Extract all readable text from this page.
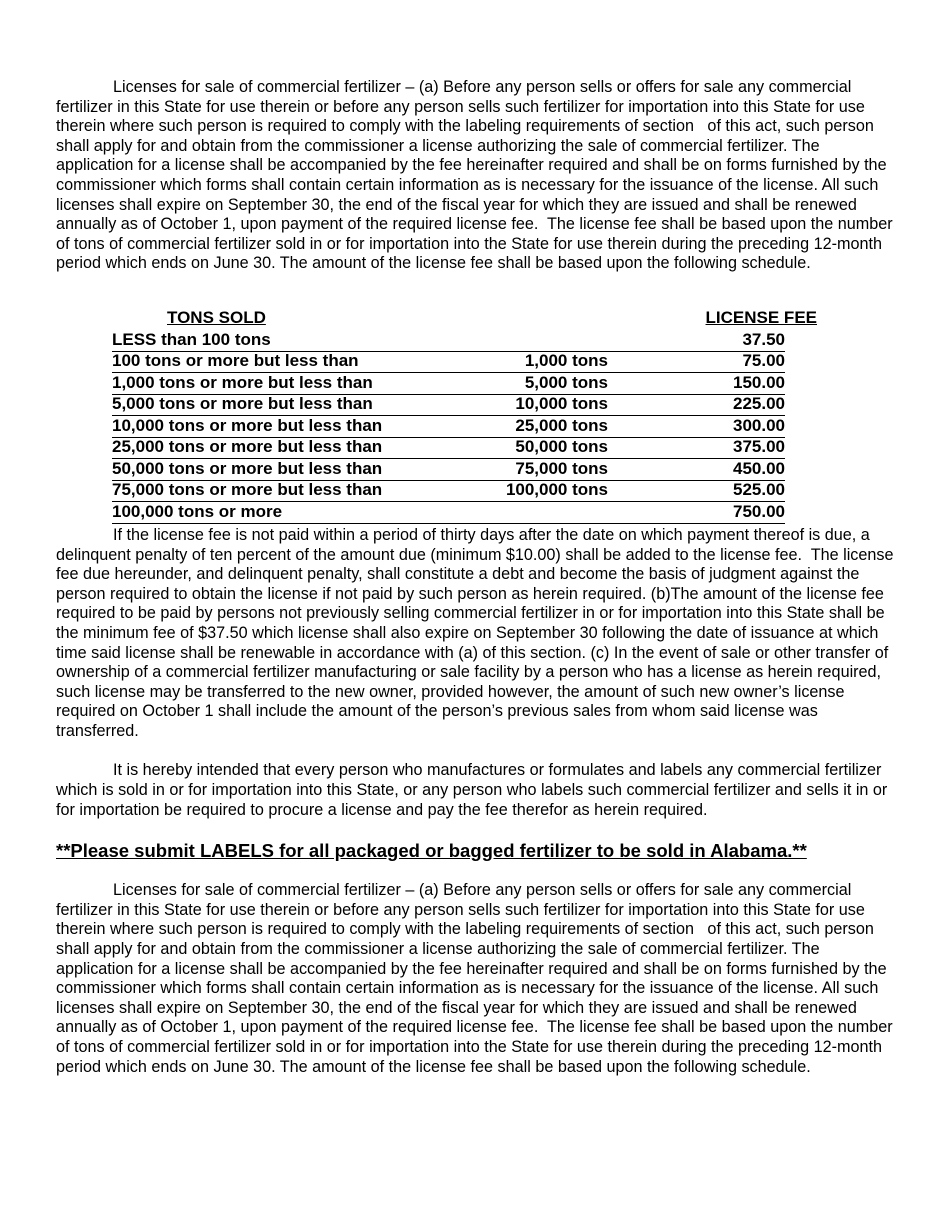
Licenses for sale of commercial fertilizer – (a) Before any person sells or offers for sale any commercial fertilizer in this State for use therein or before any person sells such fertilizer for importation into this State for use therein where such person is required to comply with the labeling requirements of section   of this act, such person shall apply for and obtain from the commissioner a license authorizing the sale of commercial fertilizer. The application for a license shall be accompanied by the fee hereinafter required and shall be on forms furnished by the commissioner which forms shall contain certain information as is necessary for the issuance of the license. All such licenses shall expire on September 30, the end of the fiscal year for which they are issued and shall be renewed annually as of October 1, upon payment of the required license fee.  The license fee shall be based upon the number of tons of commercial fertilizer sold in or for importation into the State for use therein during the preceding 12-month period which ends on June 30. The amount of the license fee shall be based upon the following schedule.

TONS SOLD	LICENSE FEE
LESS than 100 tons	37.50
100 tons or more but less than	1,000 tons	75.00
1,000 tons or more but less than	5,000 tons	150.00
5,000 tons or more but less than	10,000 tons	225.00
10,000 tons or more but less than	25,000 tons	300.00
25,000 tons or more but less than	50,000 tons	375.00
50,000 tons or more but less than	75,000 tons	450.00
75,000 tons or more but less than	100,000 tons	525.00
100,000 tons or more	750.00

If the license fee is not paid within a period of thirty days after the date on which payment thereof is due, a delinquent penalty of ten percent of the amount due (minimum $10.00) shall be added to the license fee.  The license fee due hereunder, and delinquent penalty, shall constitute a debt and become the basis of judgment against the person required to obtain the license if not paid by such person as herein required. (b)The amount of the license fee required to be paid by persons not previously selling commercial fertilizer in or for importation into this State shall be the minimum fee of $37.50 which license shall also expire on September 30 following the date of issuance at which time said license shall be renewable in accordance with (a) of this section. (c) In the event of sale or other transfer of ownership of a commercial fertilizer manufacturing or sale facility by a person who has a license as herein required, such license may be transferred to the new owner, provided however, the amount of such new owner’s license required on October 1 shall include the amount of the person’s previous sales from whom said license was transferred.

It is hereby intended that every person who manufactures or formulates and labels any commercial fertilizer which is sold in or for importation into this State, or any person who labels such commercial fertilizer and sells it in or for importation be required to procure a license and pay the fee therefor as herein required.

**Please submit LABELS for all packaged or bagged fertilizer to be sold in Alabama.**

Licenses for sale of commercial fertilizer – (a) Before any person sells or offers for sale any commercial fertilizer in this State for use therein or before any person sells such fertilizer for importation into this State for use therein where such person is required to comply with the labeling requirements of section   of this act, such person shall apply for and obtain from the commissioner a license authorizing the sale of commercial fertilizer. The application for a license shall be accompanied by the fee hereinafter required and shall be on forms furnished by the commissioner which forms shall contain certain information as is necessary for the issuance of the license. All such licenses shall expire on September 30, the end of the fiscal year for which they are issued and shall be renewed annually as of October 1, upon payment of the required license fee.  The license fee shall be based upon the number of tons of commercial fertilizer sold in or for importation into the State for use therein during the preceding 12-month period which ends on June 30. The amount of the license fee shall be based upon the following schedule.
